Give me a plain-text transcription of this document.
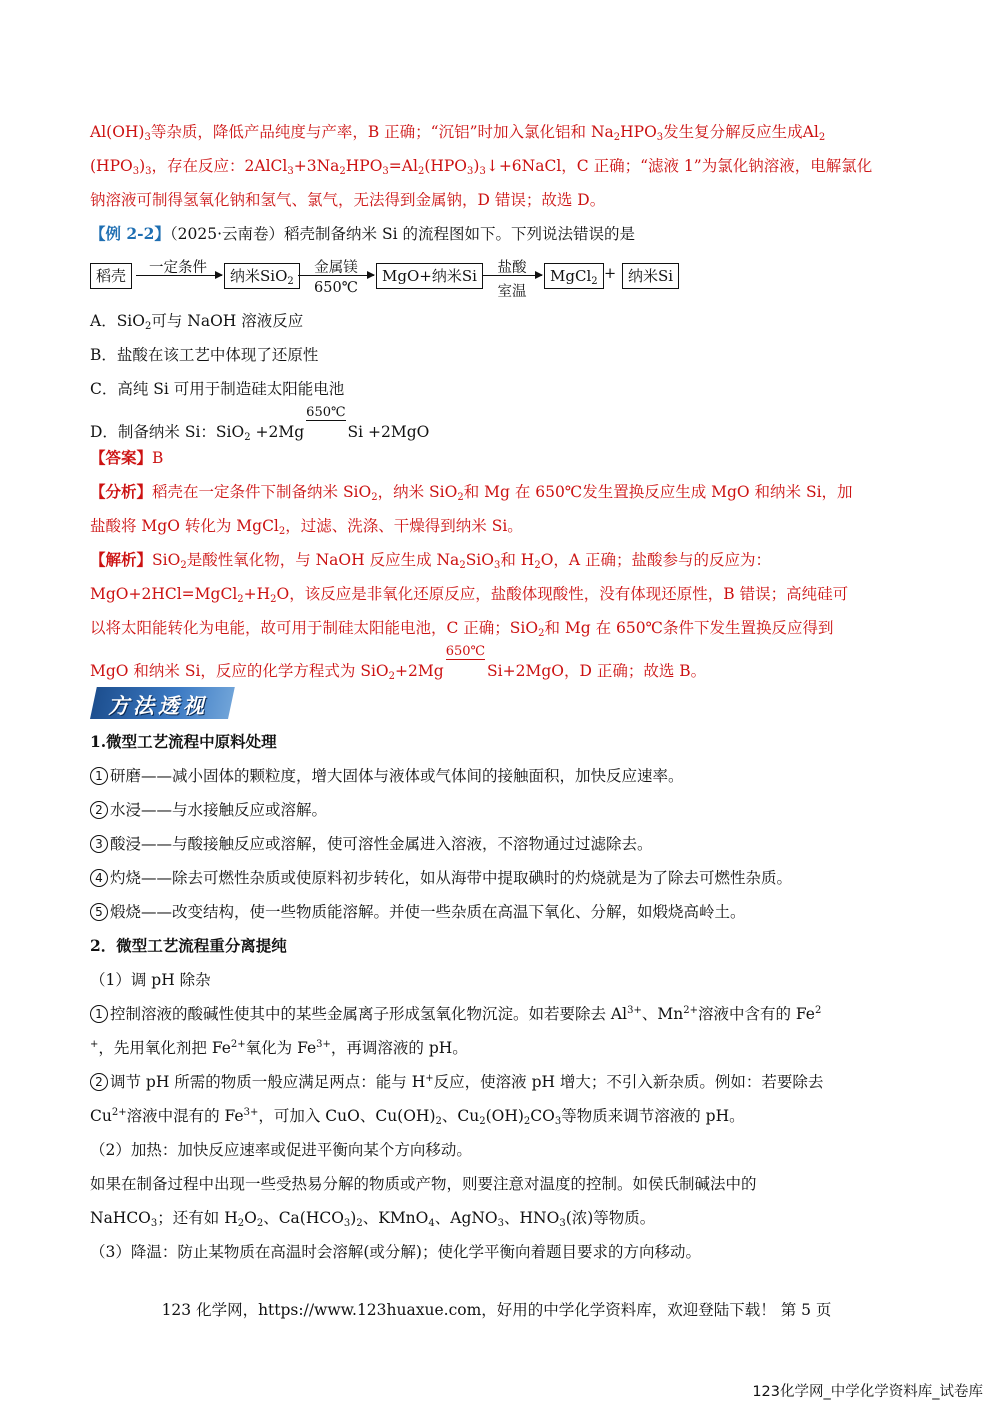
$Al(OH)_3$等杂质，降低产品纯度与产率，B 正确；“沉铝”时加入氯化铝和 $Na_2HPO_3$发生复分解反应生成$Al_2$
$(HPO_3)_3$，存在反应：$2AlCl_3+3Na_2HPO_3=Al_2(HPO_3)_3↓+6NaCl$，C 正确；“滤液 1”为氯化钠溶液，电解氯化
钠溶液可制得氢氧化钠和氢气、氯气，无法得到金属钠，D 错误；故选 D。
【例 2-2】（2025·云南卷）稻壳制备纳米 Si 的流程图如下。下列说法错误的是
稻壳	一定条件	纳米SiO$_2$
金属镁
650℃
MgO+纳米Si	盐酸
室温
MgCl$_2$ + 纳米Si
A．SiO$_2$可与 NaOH 溶液反应
B．盐酸在该工艺中体现了还原性
C．高纯 Si 可用于制造硅太阳能电池
D．制备纳米 Si：SiO$_2$ +2Mg
650℃
Si +2MgO
【答案】B
【分析】稻壳在一定条件下制备纳米 SiO$_2$，纳米 SiO$_2$和 Mg 在 650℃发生置换反应生成 MgO 和纳米 Si，加
盐酸将 MgO 转化为 MgCl$_2$，过滤、洗涤、干燥得到纳米 Si。
【解析】SiO$_2$是酸性氧化物，与 NaOH 反应生成 $Na_2SiO_3$和 $H_2O$，A 正确；盐酸参与的反应为：
$MgO+2HCl=MgCl_2+H_2O$，该反应是非氧化还原反应，盐酸体现酸性，没有体现还原性，B 错误；高纯硅可
以将太阳能转化为电能，故可用于制硅太阳能电池，C 正确；SiO$_2$和 Mg 在 650℃条件下发生置换反应得到
MgO 和纳米 Si，反应的化学方程式为 SiO$_2$+2Mg
650℃
Si+2MgO，D 正确；故选 B。
方法透视
1.微型工艺流程中原料处理
1 研磨——减小固体的颗粒度，增大固体与液体或气体间的接触面积，加快反应速率。
2 水浸——与水接触反应或溶解。
3 酸浸——与酸接触反应或溶解，使可溶性金属进入溶液，不溶物通过过滤除去。
4 灼烧——除去可燃性杂质或使原料初步转化，如从海带中提取碘时的灼烧就是为了除去可燃性杂质。
5 煅烧——改变结构，使一些物质能溶解。并使一些杂质在高温下氧化、分解，如煅烧高岭土。
2．微型工艺流程重分离提纯
（1）调 pH 除杂
1 控制溶液的酸碱性使其中的某些金属离子形成氢氧化物沉淀。如若要除去 $Al^{3+}$、$Mn^{2+}$溶液中含有的 Fe$^2$
+，先用氧化剂把 $Fe^{2+}$氧化为 $Fe^{3+}$，再调溶液的 pH。
2 调节 pH 所需的物质一般应满足两点：能与 H+反应，使溶液 pH 增大；不引入新杂质。例如：若要除去
$Cu^{2+}$溶液中混有的 $Fe^{3+}$，可加入 CuO、$Cu(OH)_2$、$Cu_2(OH)_2CO_3$等物质来调节溶液的 pH。
（2）加热：加快反应速率或促进平衡向某个方向移动。
如果在制备过程中出现一些受热易分解的物质或产物，则要注意对温度的控制。如侯氏制碱法中的
NaHCO$_3$；还有如 $H_2O_2$、$Ca(HCO_3)_2$、KMnO$_4$、AgNO$_3$、$HNO_3$(浓)等物质。
（3）降温：防止某物质在高温时会溶解(或分解)；使化学平衡向着题目要求的方向移动。
123 化学网，https://www.123huaxue.com，好用的中学化学资料库，欢迎登陆下载！ 第 5 页
123化学网_中学化学资料库_试卷库
